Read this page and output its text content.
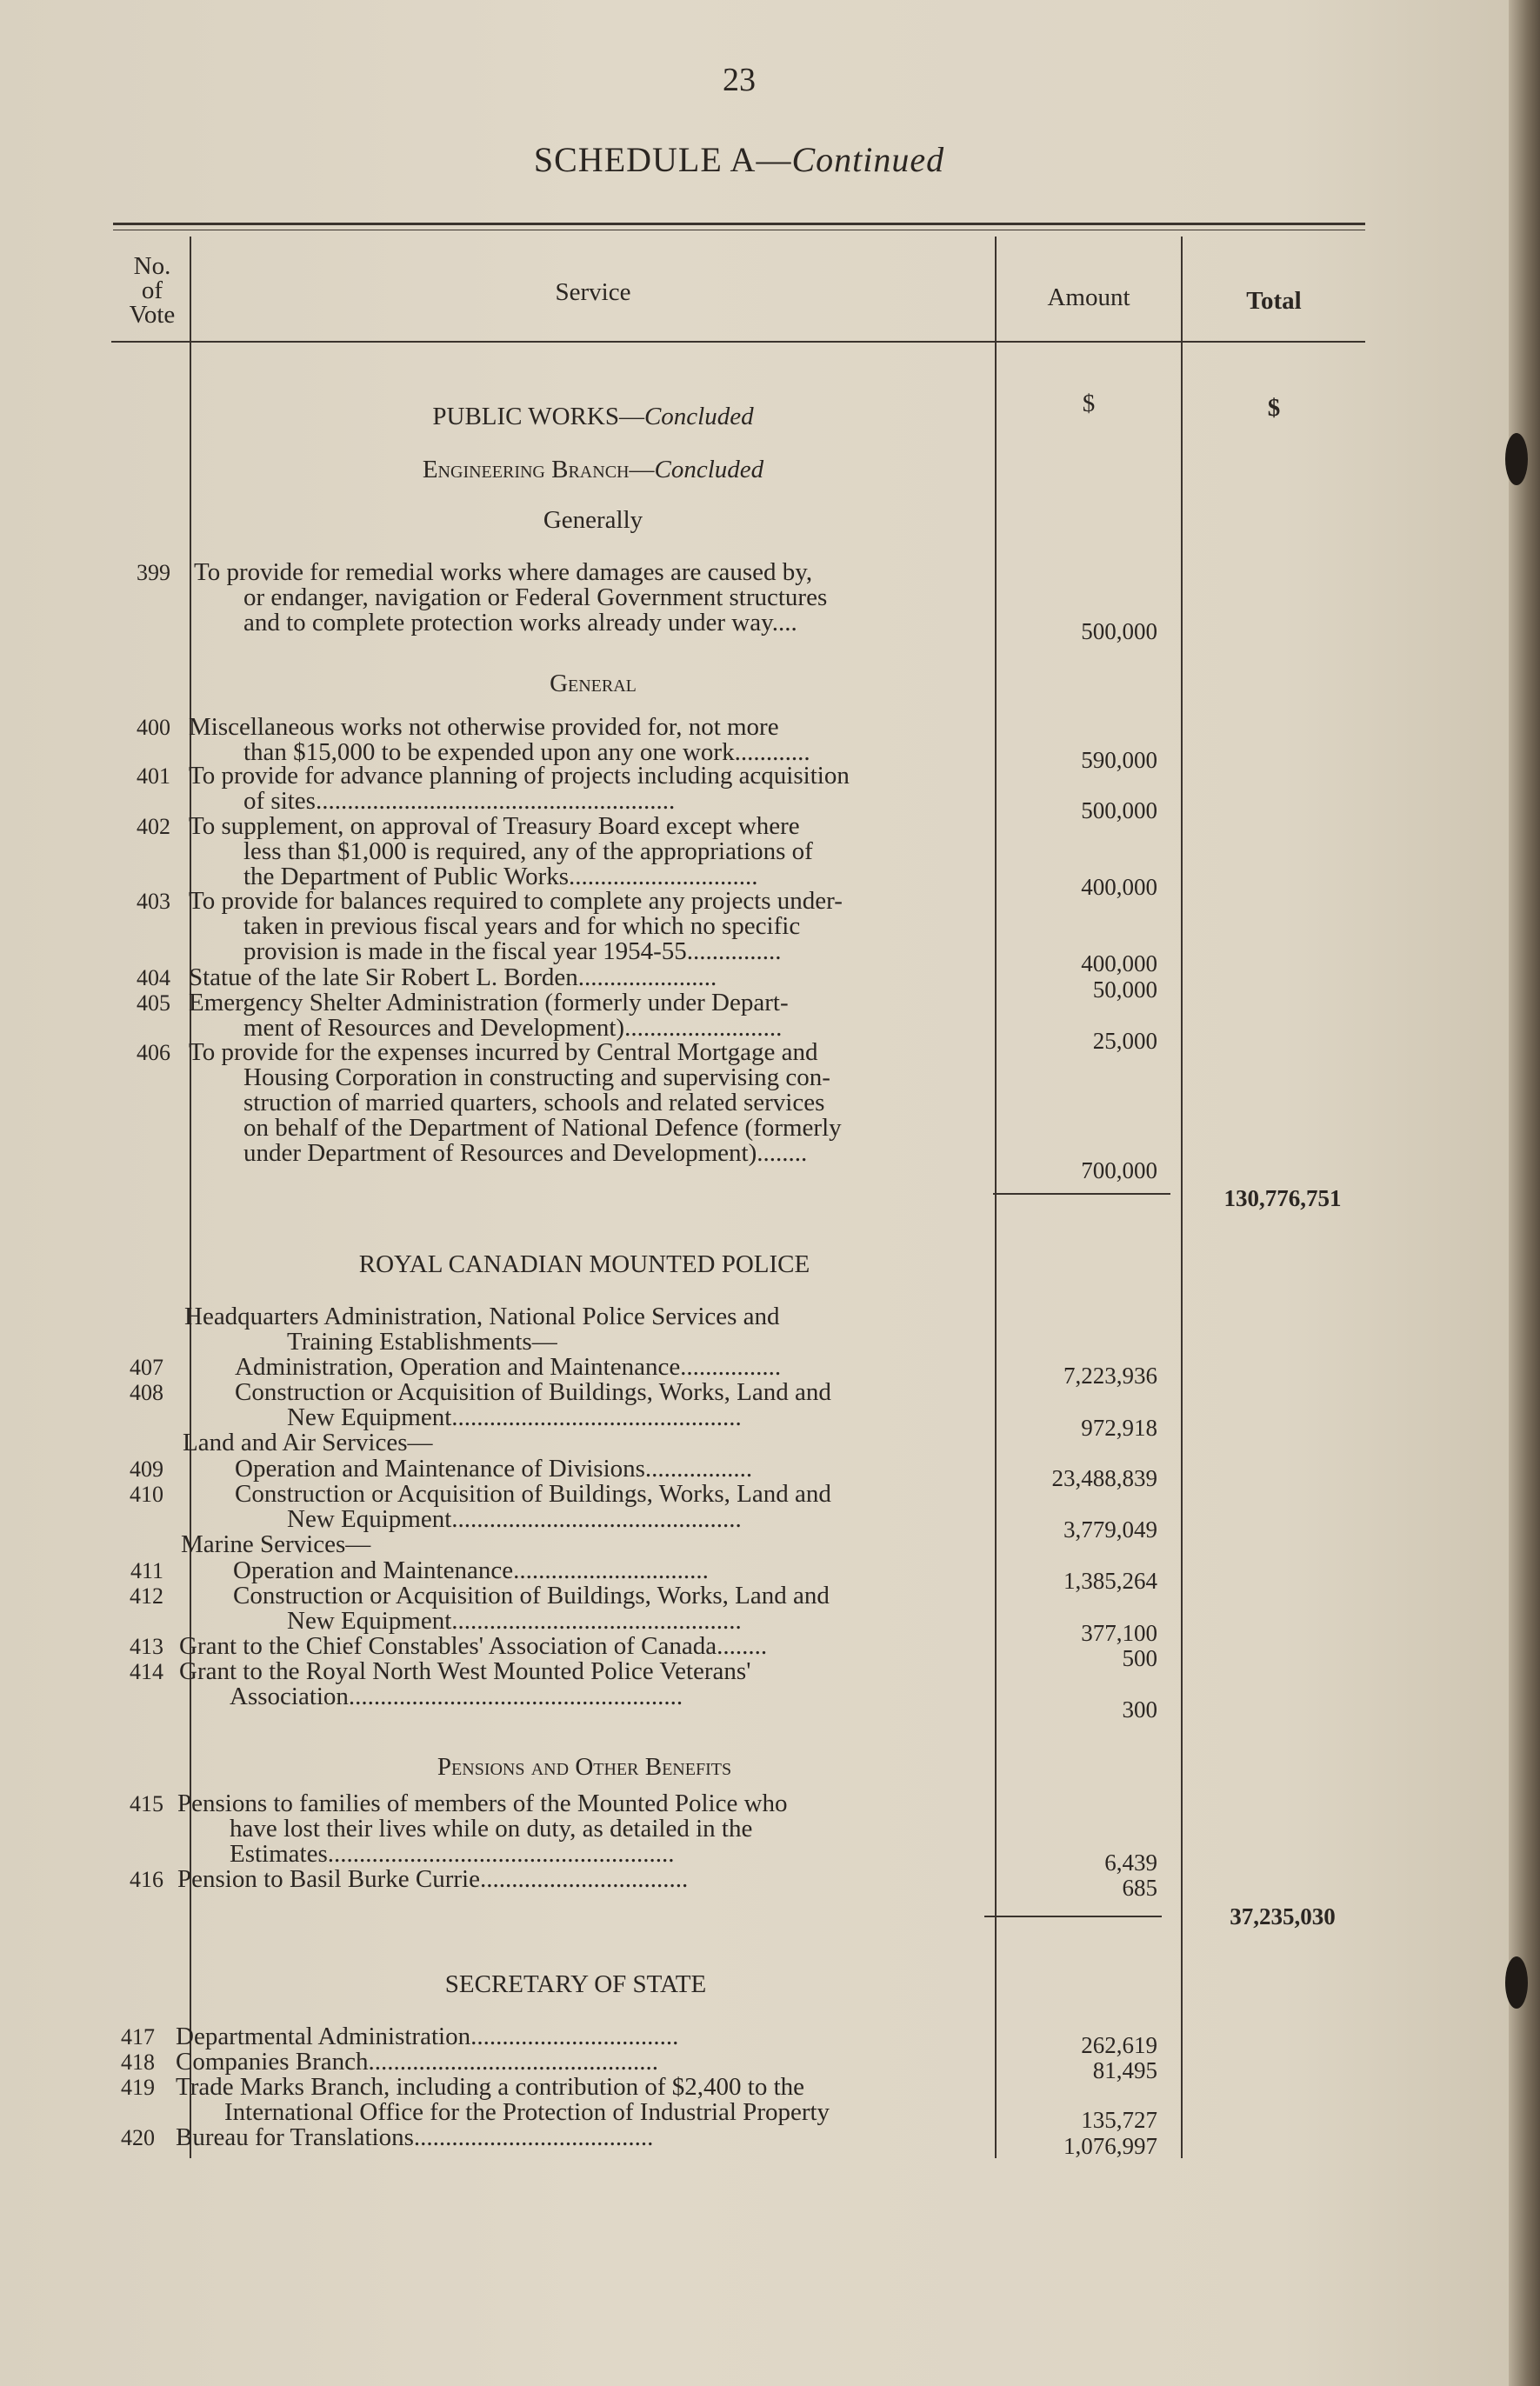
23
SCHEDULE A—Continued
No.
of
Vote
Service	Amount	Total
$	$
PUBLIC WORKS—Concluded
Engineering Branch—Concluded
Generally
399 To provide for remedial works where damages are caused by,
or endanger, navigation or Federal Government structures
and to complete protection works already under way....	500,000
General
400 Miscellaneous works not otherwise provided for, not more
than $15,000 to be expended upon any one work............	590,000
401 To provide for advance planning of projects including acquisition
of sites.........................................................	500,000
402 To supplement, on approval of Treasury Board except where
less than $1,000 is required, any of the appropriations of
the Department of Public Works..............................	400,000
403 To provide for balances required to complete any projects under-
taken in previous fiscal years and for which no specific
provision is made in the fiscal year 1954-55...............	400,000
404 Statue of the late Sir Robert L. Borden......................	50,000
405 Emergency Shelter Administration (formerly under Depart-
ment of Resources and Development).........................	25,000
406 To provide for the expenses incurred by Central Mortgage and
Housing Corporation in constructing and supervising con-
struction of married quarters, schools and related services
on behalf of the Department of National Defence (formerly
under Department of Resources and Development)........
700,000
130,776,751
ROYAL CANADIAN MOUNTED POLICE
Headquarters Administration, National Police Services and
Training Establishments—
407	Administration, Operation and Maintenance................	7,223,936
408	Construction or Acquisition of Buildings, Works, Land and
New Equipment..............................................	972,918
Land and Air Services—
409	Operation and Maintenance of Divisions.................	23,488,839
410	Construction or Acquisition of Buildings, Works, Land and
New Equipment..............................................	3,779,049
Marine Services—
411	Operation and Maintenance...............................	1,385,264
412	Construction or Acquisition of Buildings, Works, Land and
New Equipment..............................................	377,100
413 Grant to the Chief Constables' Association of Canada........	500
414 Grant to the Royal North West Mounted Police Veterans'
Association.....................................................	300
Pensions and Other Benefits
415 Pensions to families of members of the Mounted Police who
have lost their lives while on duty, as detailed in the
Estimates.......................................................	6,439
416 Pension to Basil Burke Currie.................................	685
37,235,030
SECRETARY OF STATE
417 Departmental Administration.................................	262,619
418 Companies Branch..............................................	81,495
419 Trade Marks Branch, including a contribution of $2,400 to the
International Office for the Protection of Industrial Property	135,727
420 Bureau for Translations......................................	1,076,997
